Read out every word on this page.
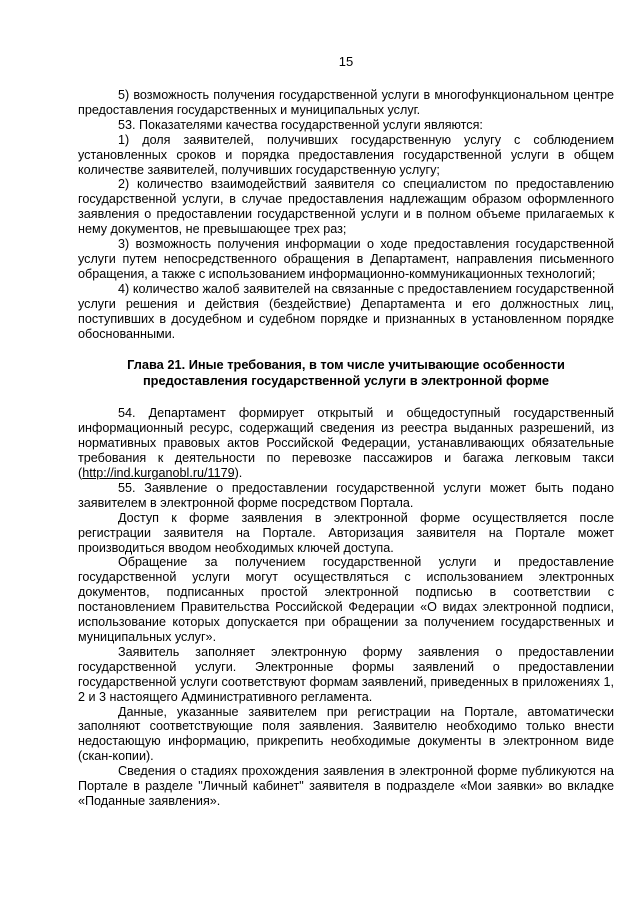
15

5) возможность получения государственной услуги в многофункциональном центре предоставления государственных и муниципальных услуг.

53. Показателями качества государственной услуги являются:

1) доля заявителей, получивших государственную услугу с соблюдением установленных сроков и порядка предоставления государственной услуги в общем количестве заявителей, получивших государственную услугу;

2) количество взаимодействий заявителя со специалистом по предоставлению государственной услуги, в случае предоставления надлежащим образом оформленного заявления о предоставлении государственной услуги и в полном объеме прилагаемых к нему документов, не превышающее трех раз;

3) возможность получения информации о ходе предоставления государственной услуги путем непосредственного обращения в Департамент, направления письменного обращения, а также с использованием информационно-коммуникационных технологий;

4) количество жалоб заявителей на связанные с предоставлением государственной услуги решения и действия (бездействие) Департамента и его должностных лиц, поступивших в досудебном и судебном порядке и признанных в установленном порядке обоснованными.

Глава 21. Иные требования, в том числе учитывающие особенности
предоставления государственной услуги в электронной форме

54. Департамент формирует открытый и общедоступный государственный информационный ресурс, содержащий сведения из реестра выданных разрешений, из нормативных правовых актов Российской Федерации, устанавливающих обязательные требования к деятельности по перевозке пассажиров и багажа легковым такси (http://ind.kurganobl.ru/1179).

55. Заявление о предоставлении государственной услуги может быть подано заявителем в электронной форме посредством Портала.

Доступ к форме заявления в электронной форме осуществляется после регистрации заявителя на Портале. Авторизация заявителя на Портале может производиться вводом необходимых ключей доступа.

Обращение за получением государственной услуги и предоставление государственной услуги могут осуществляться с использованием электронных документов, подписанных простой электронной подписью в соответствии с постановлением Правительства Российской Федерации «О видах электронной подписи, использование которых допускается при обращении за получением государственных и муниципальных услуг».

Заявитель заполняет электронную форму заявления о предоставлении государственной услуги. Электронные формы заявлений о предоставлении государственной услуги соответствуют формам заявлений, приведенных в приложениях 1, 2 и 3 настоящего Административного регламента.

Данные, указанные заявителем при регистрации на Портале, автоматически заполняют соответствующие поля заявления. Заявителю необходимо только внести недостающую информацию, прикрепить необходимые документы в электронном виде (скан-копии).

Сведения о стадиях прохождения заявления в электронной форме публикуются на Портале в разделе "Личный кабинет" заявителя в подразделе «Мои заявки» во вкладке «Поданные заявления».
